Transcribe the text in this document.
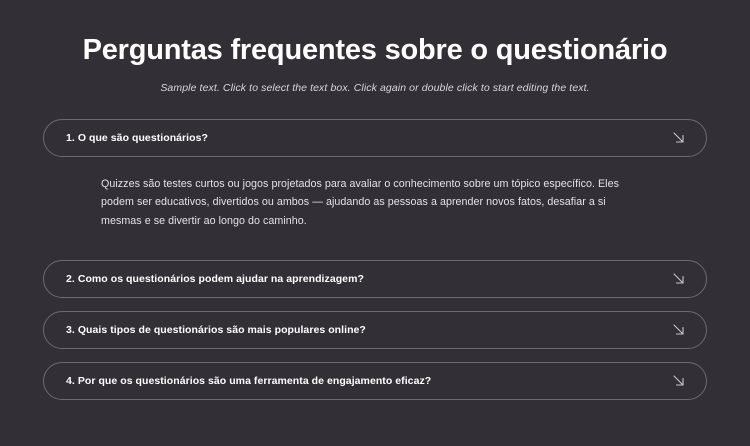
Perguntas frequentes sobre o questionário

Sample text. Click to select the text box. Click again or double click to start editing the text.

1. O que são questionários?
Quizzes são testes curtos ou jogos projetados para avaliar o conhecimento sobre um tópico específico. Eles podem ser educativos, divertidos ou ambos — ajudando as pessoas a aprender novos fatos, desafiar a si mesmas e se divertir ao longo do caminho.
2. Como os questionários podem ajudar na aprendizagem?
3. Quais tipos de questionários são mais populares online?
4. Por que os questionários são uma ferramenta de engajamento eficaz?
